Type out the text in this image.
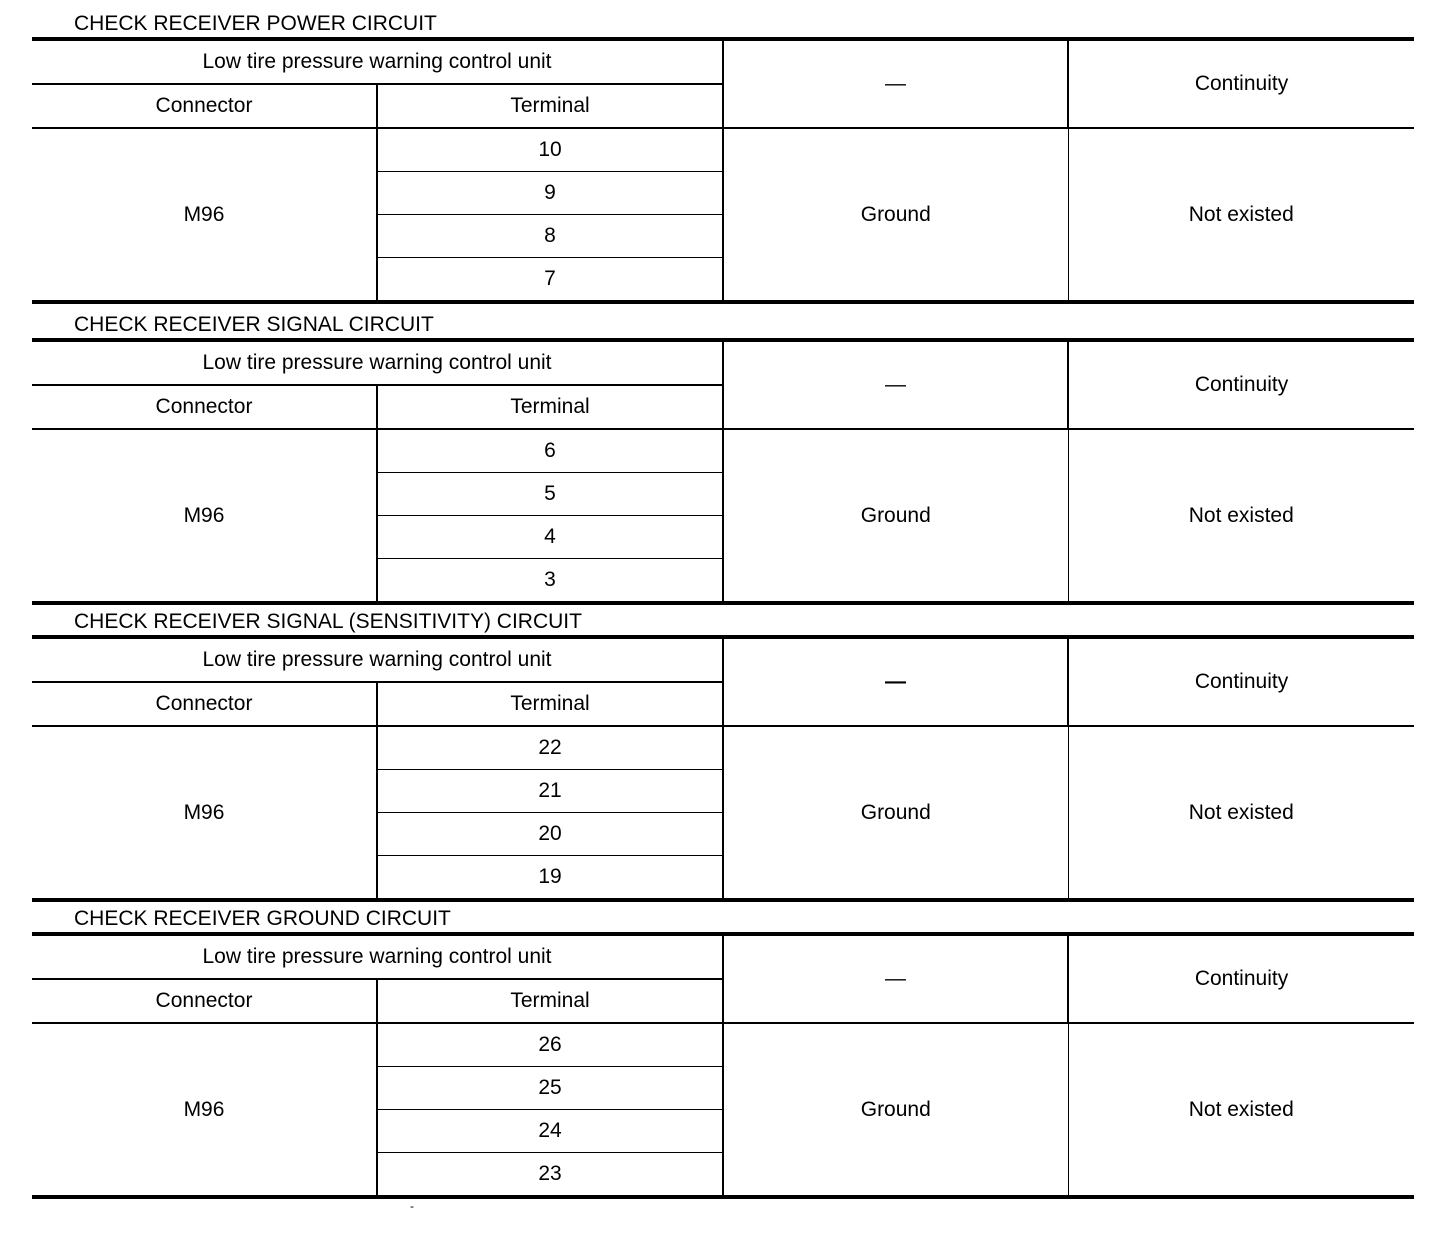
CHECK RECEIVER POWER CIRCUIT
Low tire pressure warning control unit		—	Continuity
Connector	Terminal		
M96	10	Ground	Not existed
	9		
	8		
	7		
CHECK RECEIVER SIGNAL CIRCUIT
Low tire pressure warning control unit		—	Continuity
Connector	Terminal		
M96	6	Ground	Not existed
	5		
	4		
	3		
CHECK RECEIVER SIGNAL (SENSITIVITY) CIRCUIT
Low tire pressure warning control unit		—	Continuity
Connector	Terminal		
M96	22	Ground	Not existed
	21		
	20		
	19		
CHECK RECEIVER GROUND CIRCUIT
Low tire pressure warning control unit		—	Continuity
Connector	Terminal		
M96	26	Ground	Not existed
	25		
	24		
	23		
-
